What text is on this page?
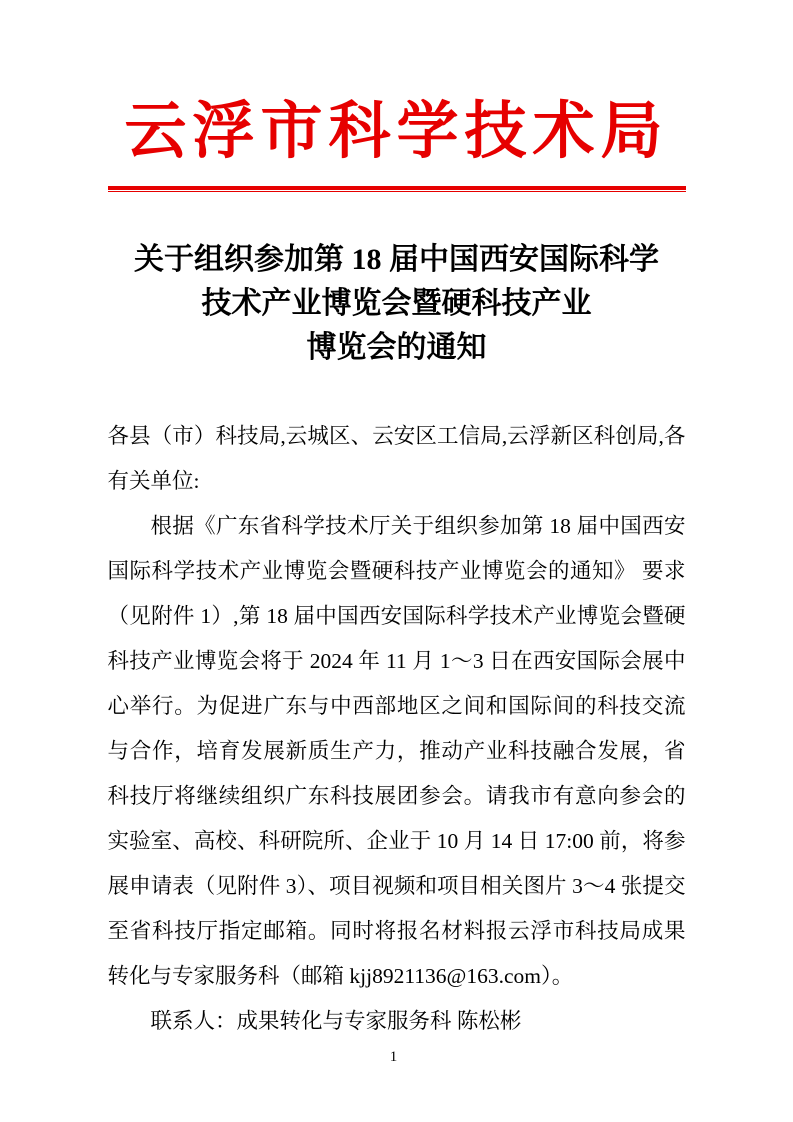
云浮市科学技术局
关于组织参加第 18 届中国西安国际科学
技术产业博览会暨硬科技产业
博览会的通知

各县（市）科技局,云城区、云安区工信局,云浮新区科创局,各有关单位:

根据《广东省科学技术厅关于组织参加第 18 届中国西安国际科学技术产业博览会暨硬科技产业博览会的通知》 要求（见附件 1）,第 18 届中国西安国际科学技术产业博览会暨硬科技产业博览会将于 2024 年 11 月 1～3 日在西安国际会展中心举行。为促进广东与中西部地区之间和国际间的科技交流与合作，培育发展新质生产力，推动产业科技融合发展，省科技厅将继续组织广东科技展团参会。请我市有意向参会的实验室、高校、科研院所、企业于 10 月 14 日 17:00 前，将参展申请表（见附件 3）、项目视频和项目相关图片 3～4 张提交至省科技厅指定邮箱。同时将报名材料报云浮市科技局成果转化与专家服务科（邮箱 kjj8921136@163.com）。

联系人：成果转化与专家服务科 陈松彬

1
